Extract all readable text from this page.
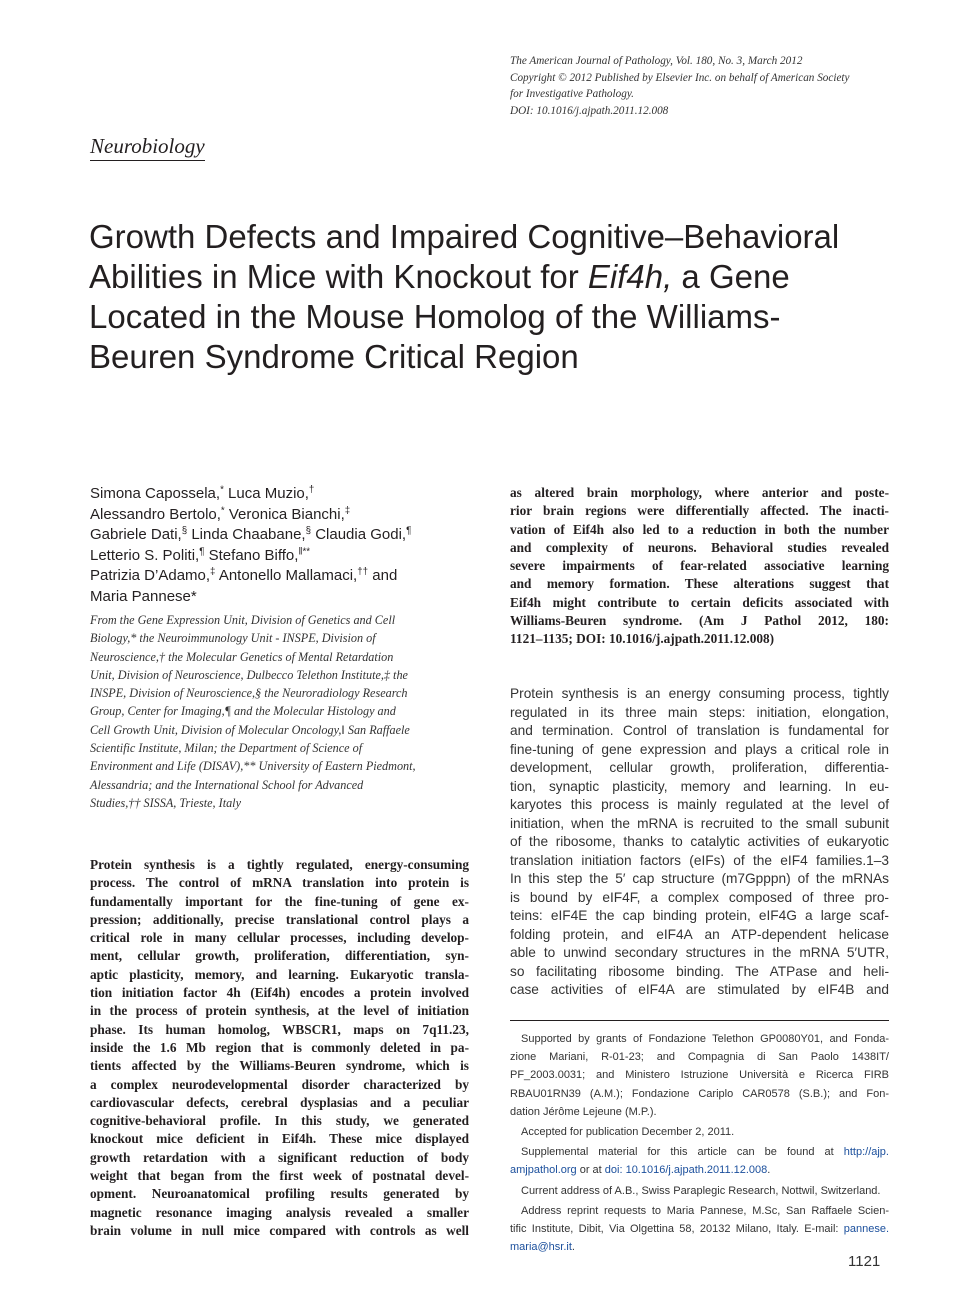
The American Journal of Pathology, Vol. 180, No. 3, March 2012
Copyright © 2012 Published by Elsevier Inc. on behalf of American Society
for Investigative Pathology.
DOI: 10.1016/j.ajpath.2011.12.008
Neurobiology
Growth Defects and Impaired Cognitive–Behavioral
Abilities in Mice with Knockout for Eif4h, a Gene
Located in the Mouse Homolog of the Williams-
Beuren Syndrome Critical Region
Simona Capossela,* Luca Muzio,†
Alessandro Bertolo,* Veronica Bianchi,‡
Gabriele Dati,§ Linda Chaabane,§ Claudia Godi,¶
Letterio S. Politi,¶ Stefano Biffo,‖**
Patrizia D’Adamo,‡ Antonello Mallamaci,†† and
Maria Pannese*
From the Gene Expression Unit, Division of Genetics and Cell
Biology,* the Neuroimmunology Unit - INSPE, Division of
Neuroscience,† the Molecular Genetics of Mental Retardation
Unit, Division of Neuroscience, Dulbecco Telethon Institute,‡ the
INSPE, Division of Neuroscience,§ the Neuroradiology Research
Group, Center for Imaging,¶ and the Molecular Histology and
Cell Growth Unit, Division of Molecular Oncology,‖ San Raffaele
Scientific Institute, Milan; the Department of Science of
Environment and Life (DISAV),** University of Eastern Piedmont,
Alessandria; and the International School for Advanced
Studies,†† SISSA, Trieste, Italy
Protein synthesis is a tightly regulated, energy-consuming
process. The control of mRNA translation into protein is
fundamentally important for the fine-tuning of gene ex-
pression; additionally, precise translational control plays a
critical role in many cellular processes, including develop-
ment, cellular growth, proliferation, differentiation, syn-
aptic plasticity, memory, and learning. Eukaryotic transla-
tion initiation factor 4h (Eif4h) encodes a protein involved
in the process of protein synthesis, at the level of initiation
phase. Its human homolog, WBSCR1, maps on 7q11.23,
inside the 1.6 Mb region that is commonly deleted in pa-
tients affected by the Williams-Beuren syndrome, which is
a complex neurodevelopmental disorder characterized by
cardiovascular defects, cerebral dysplasias and a peculiar
cognitive-behavioral profile. In this study, we generated
knockout mice deficient in Eif4h. These mice displayed
growth retardation with a significant reduction of body
weight that began from the first week of postnatal devel-
opment. Neuroanatomical profiling results generated by
magnetic resonance imaging analysis revealed a smaller
brain volume in null mice compared with controls as well
as altered brain morphology, where anterior and poste-
rior brain regions were differentially affected. The inacti-
vation of Eif4h also led to a reduction in both the number
and complexity of neurons. Behavioral studies revealed
severe impairments of fear-related associative learning
and memory formation. These alterations suggest that
Eif4h might contribute to certain deficits associated with
Williams-Beuren syndrome. (Am J Pathol 2012, 180:
1121–1135; DOI: 10.1016/j.ajpath.2011.12.008)
Protein synthesis is an energy consuming process, tightly
regulated in its three main steps: initiation, elongation,
and termination. Control of translation is fundamental for
fine-tuning of gene expression and plays a critical role in
development, cellular growth, proliferation, differentia-
tion, synaptic plasticity, memory and learning. In eu-
karyotes this process is mainly regulated at the level of
initiation, when the mRNA is recruited to the small subunit
of the ribosome, thanks to catalytic activities of eukaryotic
translation initiation factors (eIFs) of the eIF4 families.1–3
In this step the 5′ cap structure (m7Gpppn) of the mRNAs
is bound by eIF4F, a complex composed of three pro-
teins: eIF4E the cap binding protein, eIF4G a large scaf-
folding protein, and eIF4A an ATP-dependent helicase
able to unwind secondary structures in the mRNA 5′UTR,
so facilitating ribosome binding. The ATPase and heli-
case activities of eIF4A are stimulated by eIF4B and
Supported by grants of Fondazione Telethon GP0080Y01, and Fonda-
zione Mariani, R-01-23; and Compagnia di San Paolo 1438IT/
PF_2003.0031; and Ministero Istruzione Università e Ricerca FIRB
RBAU01RN39 (A.M.); Fondazione Cariplo CAR0578 (S.B.); and Fon-
dation Jérôme Lejeune (M.P.).
Accepted for publication December 2, 2011.
Supplemental material for this article can be found at http://ajp.
amjpathol.org or at doi: 10.1016/j.ajpath.2011.12.008.
Current address of A.B., Swiss Paraplegic Research, Nottwil, Switzerland.
Address reprint requests to Maria Pannese, M.Sc, San Raffaele Scien-
tific Institute, Dibit, Via Olgettina 58, 20132 Milano, Italy. E-mail: pannese.
maria@hsr.it.
1121
